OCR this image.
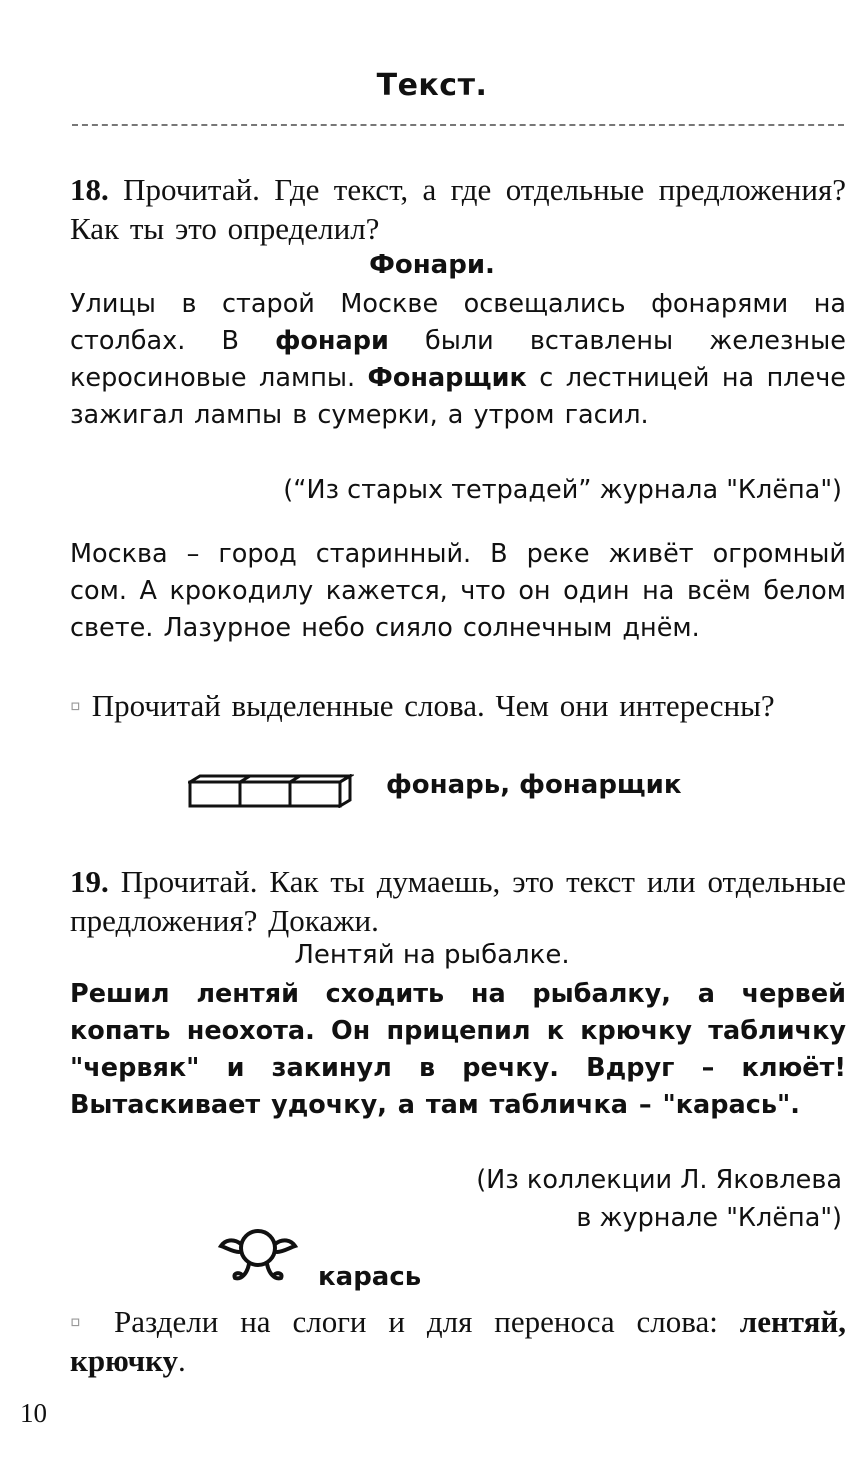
Текст.
18. Прочитай. Где текст, а где отдельные предложения? Как ты это определил?
Фонари.
Улицы в старой Москве освещались фонарями на столбах. В фонари были вставлены железные керосиновые лампы. Фонарщик с лестницей на плече зажигал лампы в сумерки, а утром гасил.
(“Из старых тетрадей” журнала "Клёпа")
Москва – город старинный. В реке живёт огромный сом. А крокодилу кажется, что он один на всём белом свете. Лазурное небо сияло солнечным днём.
▫ Прочитай выделенные слова. Чем они интересны?
фонарь, фонарщик
19. Прочитай. Как ты думаешь, это текст или отдельные предложения? Докажи.
Лентяй на рыбалке.
Решил лентяй сходить на рыбалку, а червей копать неохота. Он прицепил к крючку табличку "червяк" и закинул в речку. Вдруг – клюёт! Вытаскивает удочку, а там табличка – "карась".
(Из коллекции Л. Яковлева
в журнале "Клёпа")
карась
▫ Раздели на слоги и для переноса слова: лентяй, крючку.
10
